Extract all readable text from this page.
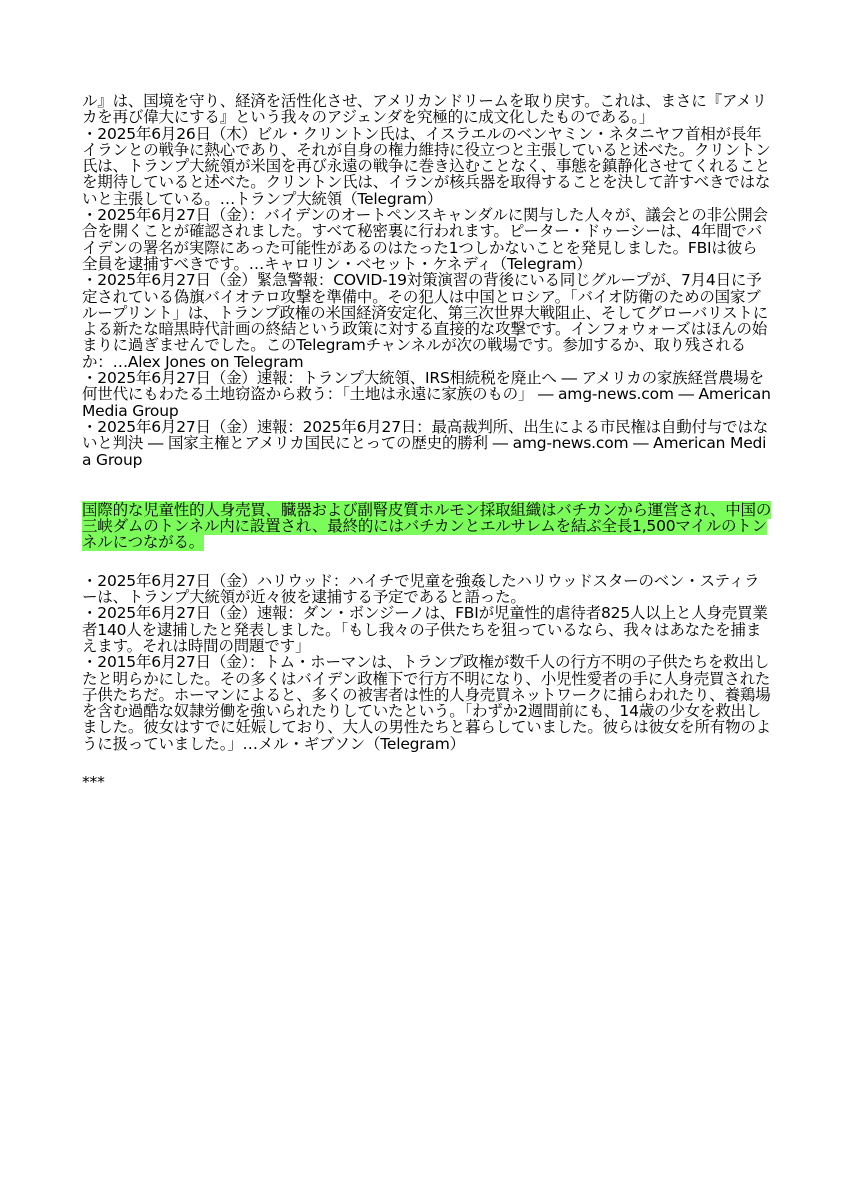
ル』は、国境を守り、経済を活性化させ、アメリカンドリームを取り戻す。これは、まさに『アメリカを再び偉大にする』という我々のアジェンダを究極的に成文化したものである。」

・2025年6月26日（木）ビル・クリントン氏は、イスラエルのベンヤミン・ネタニヤフ首相が長年イランとの戦争に熱心であり、それが自身の権力維持に役立つと主張していると述べた。クリントン氏は、トランプ大統領が米国を再び永遠の戦争に巻き込むことなく、事態を鎮静化させてくれることを期待していると述べた。クリントン氏は、イランが核兵器を取得することを決して許すべきではないと主張している。…トランプ大統領（Telegram）

・2025年6月27日（金）：バイデンのオートペンスキャンダルに関与した人々が、議会との非公開会合を開くことが確認されました。すべて秘密裏に行われます。ピーター・ドゥーシーは、4年間でバイデンの署名が実際にあった可能性があるのはたった1つしかないことを発見しました。FBIは彼ら全員を逮捕すべきです。…キャロリン・ベセット・ケネディ（Telegram）

・2025年6月27日（金）緊急警報：COVID-19対策演習の背後にいる同じグループが、7月4日に予定されている偽旗バイオテロ攻撃を準備中。その犯人は中国とロシア。「バイオ防衛のための国家ブループリント」は、トランプ政権の米国経済安定化、第三次世界大戦阻止、そしてグローバリストによる新たな暗黒時代計画の終結という政策に対する直接的な攻撃です。インフォウォーズはほんの始まりに過ぎませんでした。このTelegramチャンネルが次の戦場です。参加するか、取り残されるか：…Alex Jones on Telegram

・2025年6月27日（金）速報：トランプ大統領、IRS相続税を廃止へ ― アメリカの家族経営農場を何世代にもわたる土地窃盗から救う：「土地は永遠に家族のもの」 ― amg-news.com ― American Media Group

・2025年6月27日（金）速報：2025年6月27日：最高裁判所、出生による市民権は自動付与ではないと判決 ― 国家主権とアメリカ国民にとっての歴史的勝利 ― amg-news.com ― American Media Group

国際的な児童性的人身売買、臓器および副腎皮質ホルモン採取組織はバチカンから運営され、中国の三峡ダムのトンネル内に設置され、最終的にはバチカンとエルサレムを結ぶ全長1,500マイルのトンネルにつながる。

・2025年6月27日（金）ハリウッド：ハイチで児童を強姦したハリウッドスターのベン・スティラーは、トランプ大統領が近々彼を逮捕する予定であると語った。

・2025年6月27日（金）速報：ダン・ボンジーノは、FBIが児童性的虐待者825人以上と人身売買業者140人を逮捕したと発表しました。「もし我々の子供たちを狙っているなら、我々はあなたを捕まえます。それは時間の問題です」

・2015年6月27日（金）：トム・ホーマンは、トランプ政権が数千人の行方不明の子供たちを救出したと明らかにした。その多くはバイデン政権下で行方不明になり、小児性愛者の手に人身売買された子供たちだ。ホーマンによると、多くの被害者は性的人身売買ネットワークに捕らわれたり、養鶏場を含む過酷な奴隷労働を強いられたりしていたという。「わずか2週間前にも、14歳の少女を救出しました。彼女はすでに妊娠しており、大人の男性たちと暮らしていました。彼らは彼女を所有物のように扱っていました。」…メル・ギブソン（Telegram）

***
